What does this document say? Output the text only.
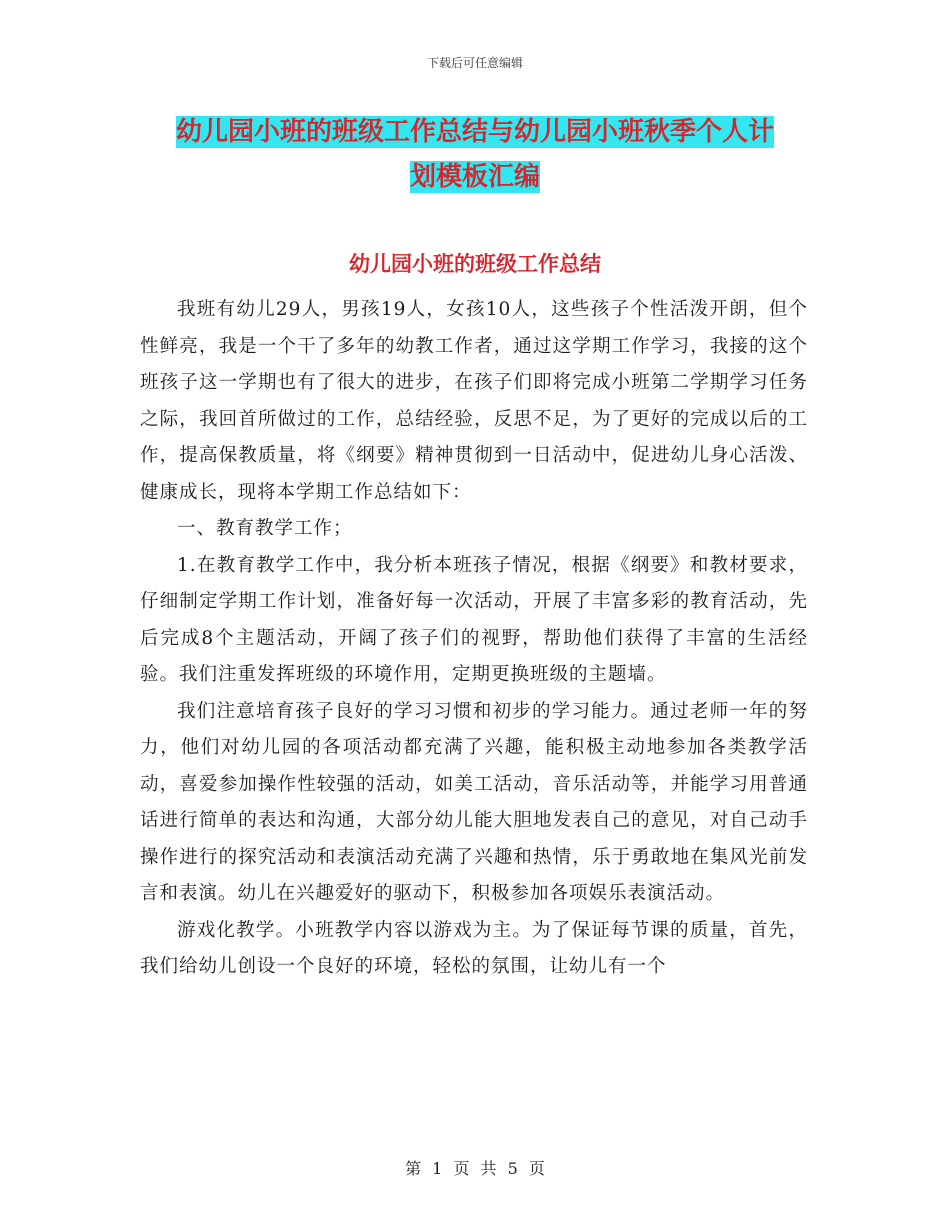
下载后可任意编辑
幼儿园小班的班级工作总结与幼儿园小班秋季个人计
划模板汇编
幼儿园小班的班级工作总结

我班有幼儿29人，男孩19人，女孩10人，这些孩子个性活泼开朗，但个性鲜亮，我是一个干了多年的幼教工作者，通过这学期工作学习，我接的这个班孩子这一学期也有了很大的进步，在孩子们即将完成小班第二学期学习任务之际，我回首所做过的工作，总结经验，反思不足，为了更好的完成以后的工作，提高保教质量，将《纲要》精神贯彻到一日活动中，促进幼儿身心活泼、健康成长，现将本学期工作总结如下：

一、教育教学工作；

1.在教育教学工作中，我分析本班孩子情况，根据《纲要》和教材要求，仔细制定学期工作计划，准备好每一次活动，开展了丰富多彩的教育活动，先后完成8个主题活动，开阔了孩子们的视野，帮助他们获得了丰富的生活经验。我们注重发挥班级的环境作用，定期更换班级的主题墙。

我们注意培育孩子良好的学习习惯和初步的学习能力。通过老师一年的努力，他们对幼儿园的各项活动都充满了兴趣，能积极主动地参加各类教学活动，喜爱参加操作性较强的活动，如美工活动，音乐活动等，并能学习用普通话进行简单的表达和沟通，大部分幼儿能大胆地发表自己的意见，对自己动手操作进行的探究活动和表演活动充满了兴趣和热情，乐于勇敢地在集风光前发言和表演。幼儿在兴趣爱好的驱动下，积极参加各项娱乐表演活动。

游戏化教学。小班教学内容以游戏为主。为了保证每节课的质量，首先，我们给幼儿创设一个良好的环境，轻松的氛围，让幼儿有一个

第 1 页 共 5 页
